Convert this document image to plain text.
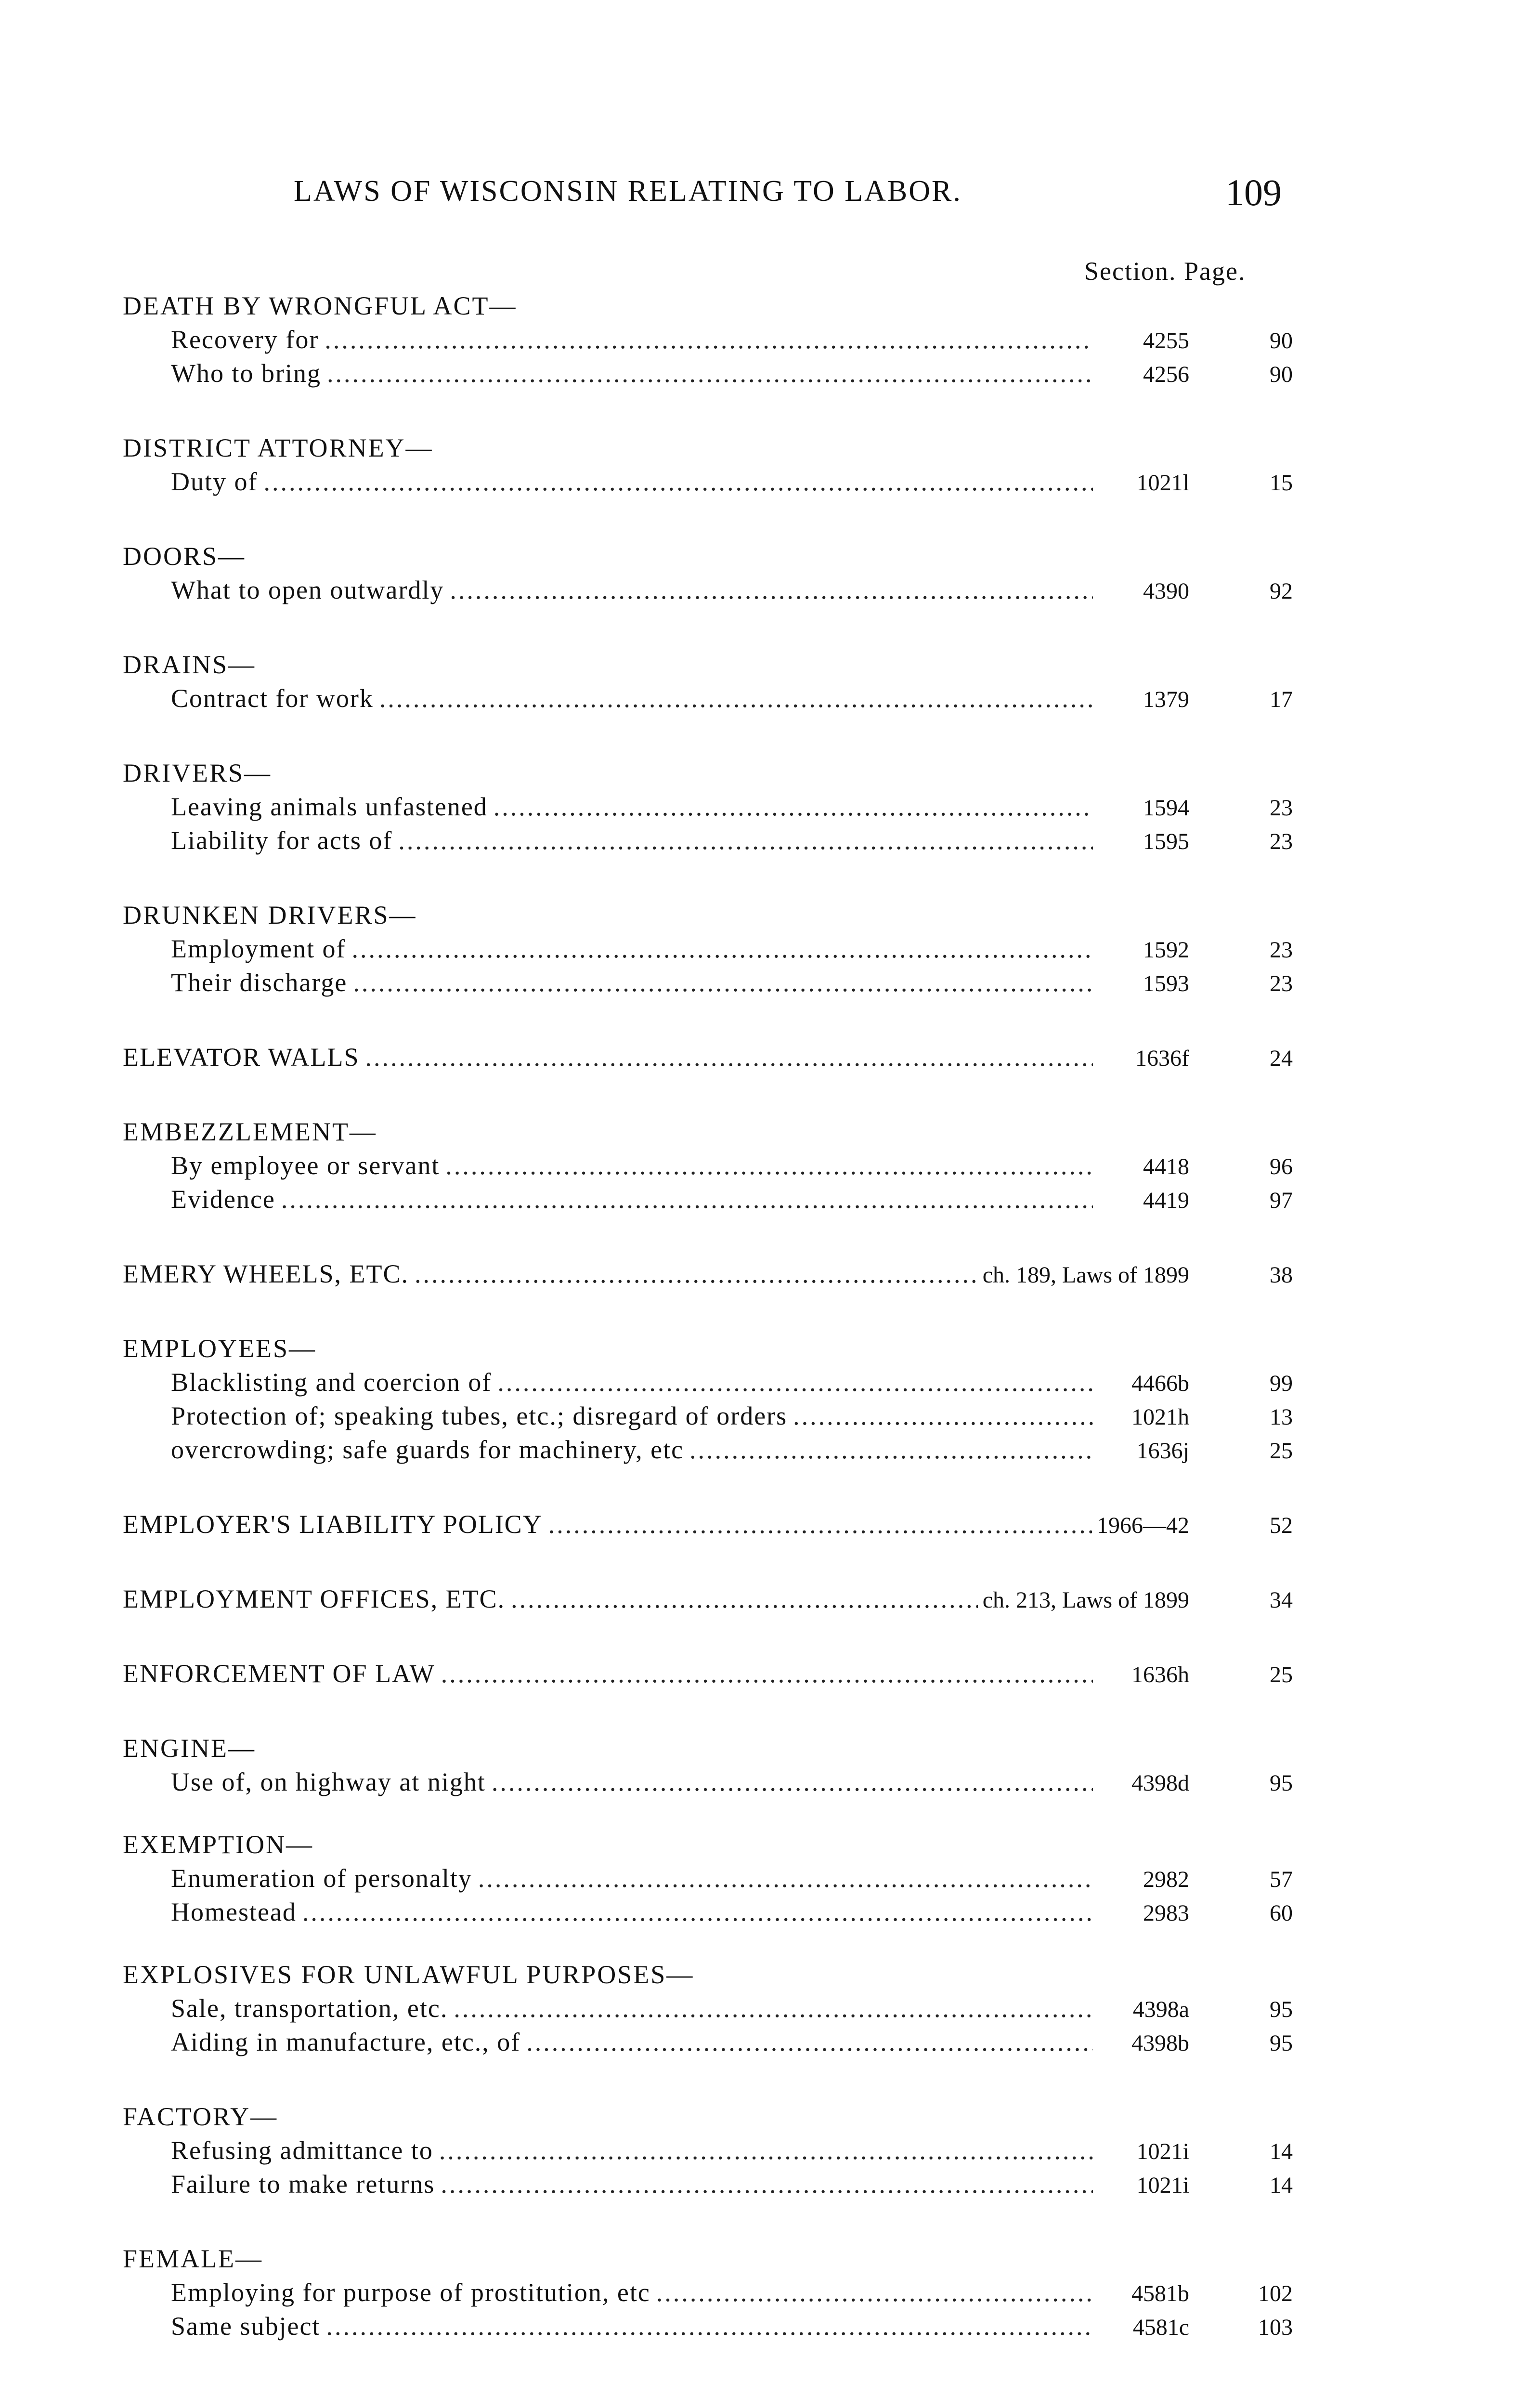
LAWS OF WISCONSIN RELATING TO LABOR.	109
Section. Page.
DEATH BY WRONGFUL ACT—
Recovery for .....	4255	90
Who to bring .....	4256	90
DISTRICT ATTORNEY—
Duty of .....	1021l	15
DOORS—
What to open outwardly .....	4390	92
DRAINS—
Contract for work .....	1379	17
DRIVERS—
Leaving animals unfastened .....	1594	23
Liability for acts of .....	1595	23
DRUNKEN DRIVERS—
Employment of .....	1592	23
Their discharge .....	1593	23
ELEVATOR WALLS .....	1636f	24
EMBEZZLEMENT—
By employee or servant .....	4418	96
Evidence .....	4419	97
EMERY WHEELS, ETC. .....	ch. 189, Laws of 1899	38
EMPLOYEES—
Blacklisting and coercion of .....	4466b	99
Protection of; speaking tubes, etc.; disregard of orders .....	1021h	13
overcrowding; safe guards for machinery, etc .....	1636j	25
EMPLOYER'S LIABILITY POLICY .....	1966—42	52
EMPLOYMENT OFFICES, ETC. .....	ch. 213, Laws of 1899	34
ENFORCEMENT OF LAW .....	1636h	25
ENGINE—
Use of, on highway at night .....	4398d	95
EXEMPTION—
Enumeration of personalty .....	2982	57
Homestead .....	2983	60
EXPLOSIVES FOR UNLAWFUL PURPOSES—
Sale, transportation, etc. .....	4398a	95
Aiding in manufacture, etc., of .....	4398b	95
FACTORY—
Refusing admittance to .....	1021i	14
Failure to make returns .....	1021i	14
FEMALE—
Employing for purpose of prostitution, etc .....	4581b	102
Same subject .....	4581c	103
